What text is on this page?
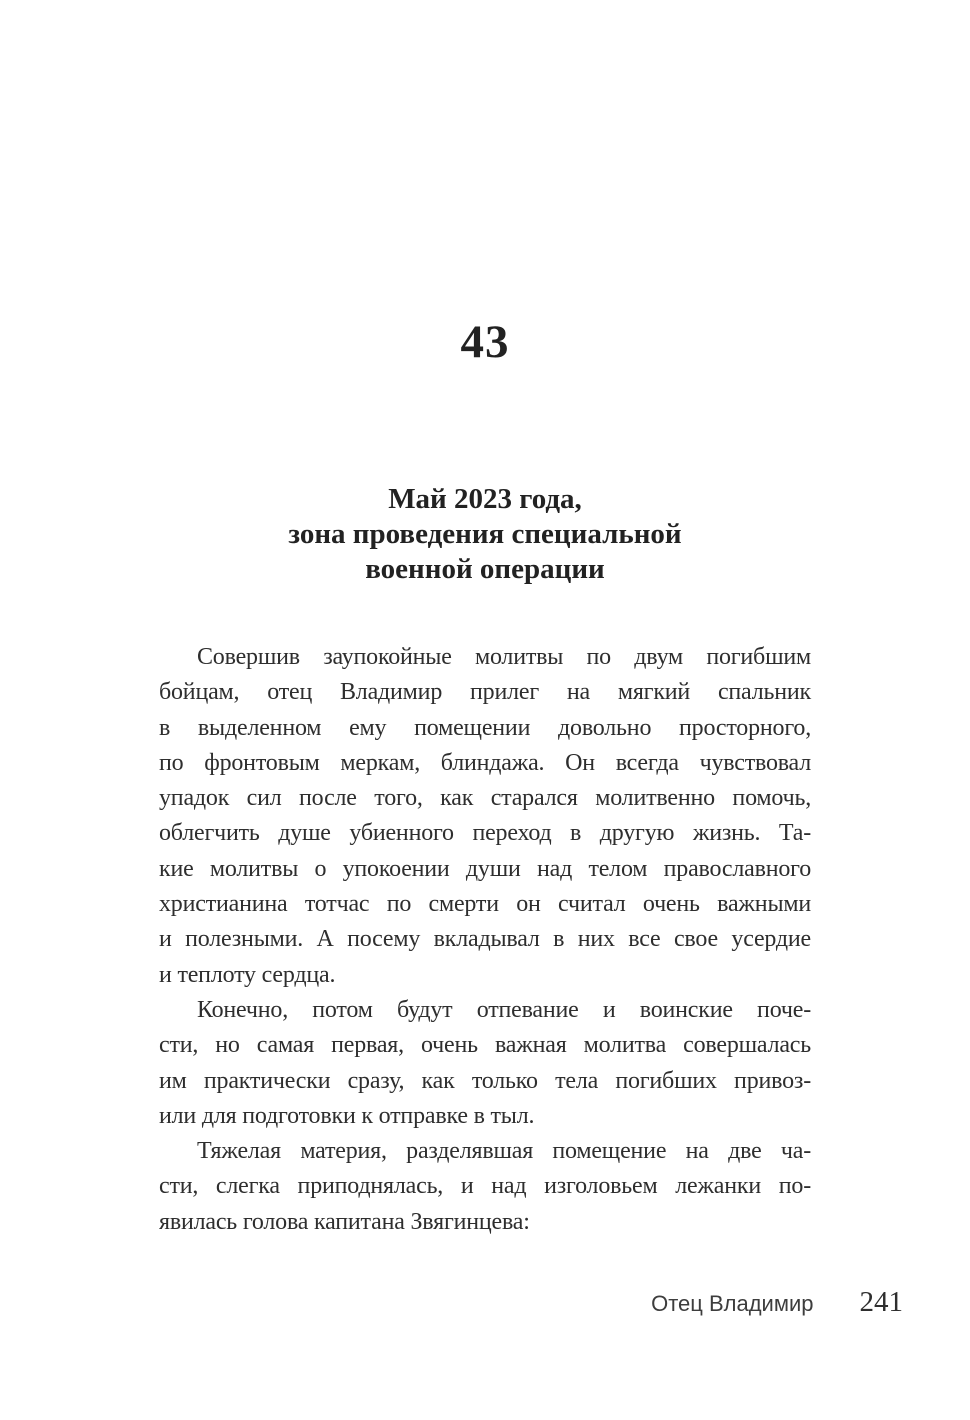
43
Май 2023 года,
зона проведения специальной
военной операции
Совершив заупокойные молитвы по двум погибшим
бойцам, отец Владимир прилег на мягкий спальник
в выделенном ему помещении довольно просторного,
по фронтовым меркам, блиндажа. Он всегда чувствовал
упадок сил после того, как старался молитвенно помочь,
облегчить душе убиенного переход в другую жизнь. Та-
кие молитвы о упокоении души над телом православного
христианина тотчас по смерти он считал очень важными
и полезными. А посему вкладывал в них все свое усердие
и теплоту сердца.
Конечно, потом будут отпевание и воинские поче-
сти, но самая первая, очень важная молитва совершалась
им практически сразу, как только тела погибших привоз-
или для подготовки к отправке в тыл.
Тяжелая материя, разделявшая помещение на две ча-
сти, слегка приподнялась, и над изголовьем лежанки по-
явилась голова капитана Звягинцева:
Отец Владимир 241
